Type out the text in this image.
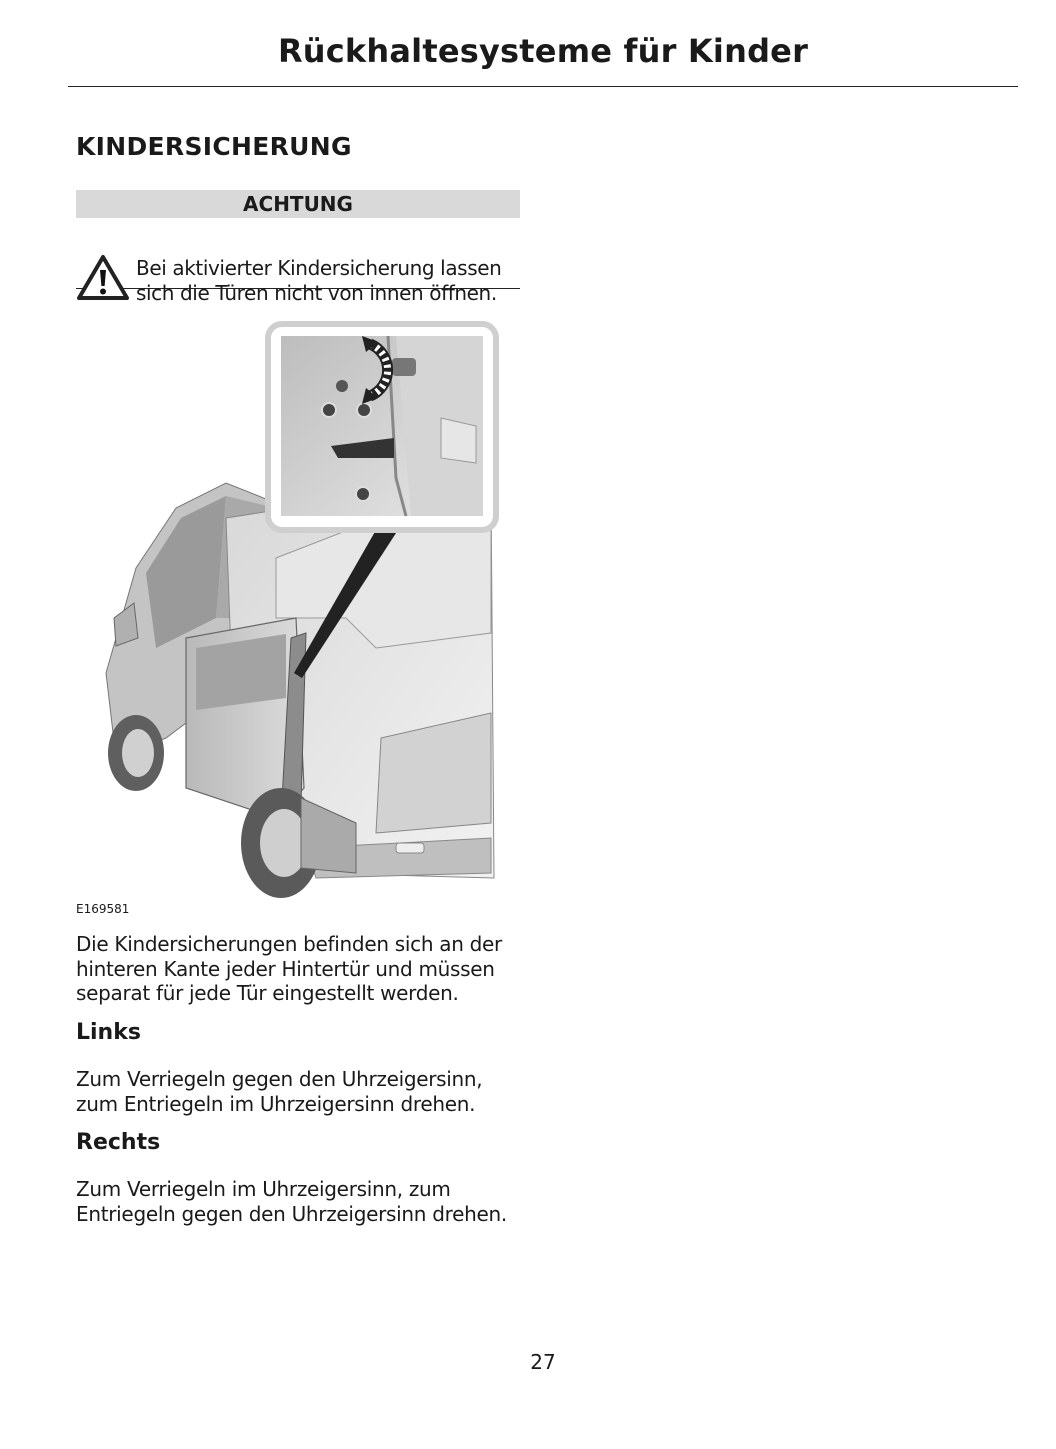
Rückhaltesysteme für Kinder
KINDERSICHERUNG
ACHTUNG

Bei aktivierter Kindersicherung lassen sich die Türen nicht von innen öffnen.

E169581

Die Kindersicherungen befinden sich an der hinteren Kante jeder Hintertür und müssen separat für jede Tür eingestellt werden.

Links

Zum Verriegeln gegen den Uhrzeigersinn, zum Entriegeln im Uhrzeigersinn drehen.

Rechts

Zum Verriegeln im Uhrzeigersinn, zum Entriegeln gegen den Uhrzeigersinn drehen.

27
